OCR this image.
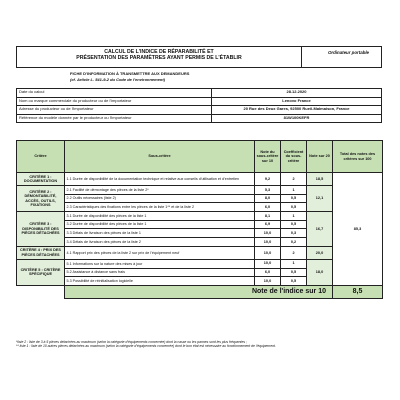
CALCUL DE L'INDICE DE RÉPARABILITÉ ET
PRÉSENTATION DES PARAMÈTRES AYANT PERMIS DE L'ÉTABLIR
Ordinateur portable
FICHE D'INFORMATION À TRANSMETTRE AUX DEMANDEURS
(cf. Article L. 541-9-2 du Code de l'environnement)
Date du calcul	28.12.2020
Nom ou marque commerciale du producteur ou de l'importateur	Lenovo France
Adresse du producteur ou de l'importateur	20 Rue des Deux Gares, 92500 Rueil-Malmaison, France
Référence du modèle donnée par le producteur ou l'importateur	81W100KEFR
Critère	Sous-critère	Note du sous-critère sur 10	Coefficient du sous-critère	Note sur 20	Total des notes des critères sur 100
CRITÈRE 1 : DOCUMENTATION	1.1 Durée de disponibilité de la documentation technique et relative aux conseils d'utilisation et d'entretien	9,2	2	18,5	85,3
CRITÈRE 2 : DÉMONTABILITÉ, ACCÈS, OUTILS, FIXATIONS	2.1 Facilité de démontage des pièces de la liste 2*	5,3	1	12,1	
	2.2 Outils nécessaires (liste 2)	8,0	0,5		
	2.3 Caractéristiques des fixations entre les pièces de la liste 1** et de la liste 2	6,0	0,5		
CRITÈRE 3 : DISPONIBILITÉ DES PIÈCES DÉTACHÉES	3.1 Durée de disponibilité des pièces de la liste 1	8,1	1	16,7	
	3.2 Durée de disponibilité des pièces de la liste 1	6,9	0,5		
	3.3 Délais de livraison des pièces de la liste 1	10,0	0,3		
	3.4 Délais de livraison des pièces de la liste 2	10,0	0,2		
CRITÈRE 4 : PRIX DES PIÈCES DÉTACHÉES	4.1 Rapport prix des pièces de la liste 2 sur prix de l'équipement neuf	10,0	2	20,0	
CRITÈRE 5 : CRITÈRE SPÉCIFIQUE	5.1 Informations sur la nature des mises à jour	10,0	1	18,0	
	5.2 Assistance à distance sans frais	6,0	0,5		
	5.3 Possibilité de réinitialisation logicielle	10,0	0,5		
	Note de l'indice sur 10				8,5
*liste 2 : liste de 3 à 5 pièces détachées au maximum (selon la catégorie d'équipements concernée) dont la casse ou les pannes sont les plus fréquentes ;
** liste 1 : liste de 10 autres pièces détachées au maximum (selon la catégorie d'équipements concernée) dont le bon état est nécessaire au fonctionnement de l'équipement.
